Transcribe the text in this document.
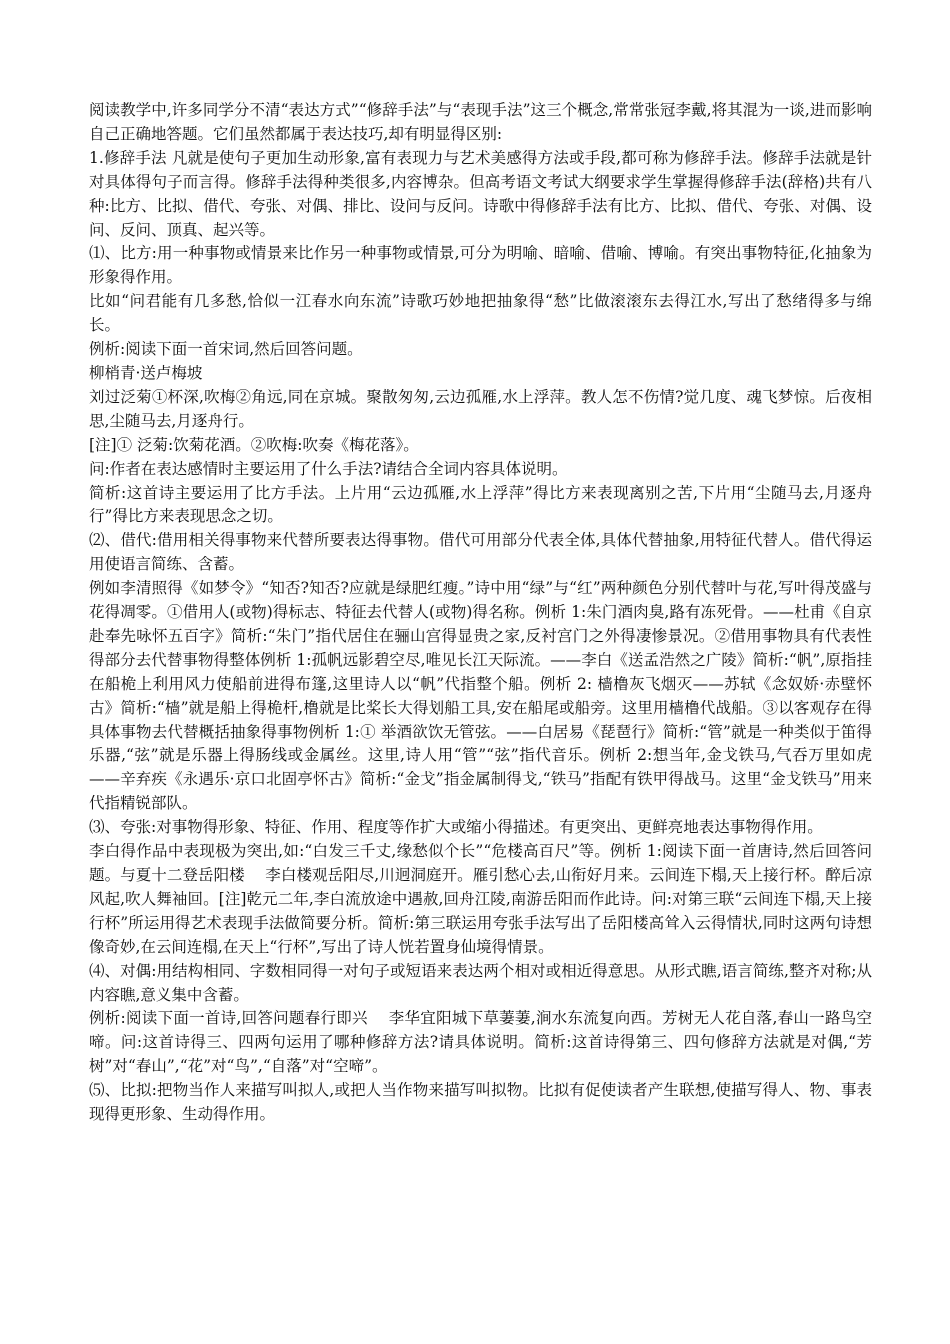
阅读教学中,许多同学分不清“表达方式”“修辞手法”与“表现手法”这三个概念,常常张冠李戴,将其混为一谈,进而影响自己正确地答题。它们虽然都属于表达技巧,却有明显得区别:

1.修辞手法 凡就是使句子更加生动形象,富有表现力与艺术美感得方法或手段,都可称为修辞手法。修辞手法就是针对具体得句子而言得。修辞手法得种类很多,内容博杂。但高考语文考试大纲要求学生掌握得修辞手法(辞格)共有八种:比方、比拟、借代、夸张、对偶、排比、设问与反问。诗歌中得修辞手法有比方、比拟、借代、夸张、对偶、设问、反问、顶真、起兴等。

⑴、比方:用一种事物或情景来比作另一种事物或情景,可分为明喻、暗喻、借喻、博喻。有突出事物特征,化抽象为形象得作用。

比如“问君能有几多愁,恰似一江春水向东流”诗歌巧妙地把抽象得“愁”比做滚滚东去得江水,写出了愁绪得多与绵长。

例析:阅读下面一首宋词,然后回答问题。

柳梢青·送卢梅坡

刘过泛菊①杯深,吹梅②角远,同在京城。聚散匆匆,云边孤雁,水上浮萍。教人怎不伤情?觉几度、魂飞梦惊。后夜相思,尘随马去,月逐舟行。

[注]① 泛菊:饮菊花酒。②吹梅:吹奏《梅花落》。

问:作者在表达感情时主要运用了什么手法?请结合全词内容具体说明。

简析:这首诗主要运用了比方手法。上片用“云边孤雁,水上浮萍”得比方来表现离别之苦,下片用“尘随马去,月逐舟行”得比方来表现思念之切。

⑵、借代:借用相关得事物来代替所要表达得事物。借代可用部分代表全体,具体代替抽象,用特征代替人。借代得运用使语言简练、含蓄。

例如李清照得《如梦令》“知否?知否?应就是绿肥红瘦。”诗中用“绿”与“红”两种颜色分别代替叶与花,写叶得茂盛与花得凋零。①借用人(或物)得标志、特征去代替人(或物)得名称。例析 1:朱门酒肉臭,路有冻死骨。——杜甫《自京赴奉先咏怀五百字》简析:“朱门”指代居住在骊山宫得显贵之家,反衬宫门之外得凄惨景况。②借用事物具有代表性得部分去代替事物得整体例析 1:孤帆远影碧空尽,唯见长江天际流。——李白《送孟浩然之广陵》简析:“帆”,原指挂在船桅上利用风力使船前进得布篷,这里诗人以“帆”代指整个船。例析 2: 樯橹灰飞烟灭——苏轼《念奴娇·赤壁怀古》简析:“樯”就是船上得桅杆,橹就是比桨长大得划船工具,安在船尾或船旁。这里用樯橹代战船。③以客观存在得具体事物去代替概括抽象得事物例析 1:① 举酒欲饮无管弦。——白居易《琵琶行》简析:“管”就是一种类似于笛得乐器,“弦”就是乐器上得肠线或金属丝。这里,诗人用“管”“弦”指代音乐。例析 2:想当年,金戈铁马,气吞万里如虎——辛弃疾《永遇乐·京口北固亭怀古》简析:“金戈”指金属制得戈,“铁马”指配有铁甲得战马。这里“金戈铁马”用来代指精锐部队。

⑶、夸张:对事物得形象、特征、作用、程度等作扩大或缩小得描述。有更突出、更鲜亮地表达事物得作用。

李白得作品中表现极为突出,如:“白发三千丈,缘愁似个长”“危楼高百尺”等。例析 1:阅读下面一首唐诗,然后回答问题。与夏十二登岳阳楼　 李白楼观岳阳尽,川迥洞庭开。雁引愁心去,山衔好月来。云间连下榻,天上接行杯。醉后凉风起,吹人舞袖回。[注]乾元二年,李白流放途中遇赦,回舟江陵,南游岳阳而作此诗。问:对第三联“云间连下榻,天上接行杯”所运用得艺术表现手法做简要分析。简析:第三联运用夸张手法写出了岳阳楼高耸入云得情状,同时这两句诗想像奇妙,在云间连榻,在天上“行杯”,写出了诗人恍若置身仙境得情景。

⑷、对偶:用结构相同、字数相同得一对句子或短语来表达两个相对或相近得意思。从形式瞧,语言简练,整齐对称;从内容瞧,意义集中含蓄。

例析:阅读下面一首诗,回答问题春行即兴　 李华宜阳城下草萋萋,涧水东流复向西。芳树无人花自落,春山一路鸟空啼。问:这首诗得三、四两句运用了哪种修辞方法?请具体说明。简析:这首诗得第三、四句修辞方法就是对偶,“芳树”对“春山”,“花”对“鸟”,“自落”对“空啼”。

⑸、比拟:把物当作人来描写叫拟人,或把人当作物来描写叫拟物。比拟有促使读者产生联想,使描写得人、物、事表现得更形象、生动得作用。
